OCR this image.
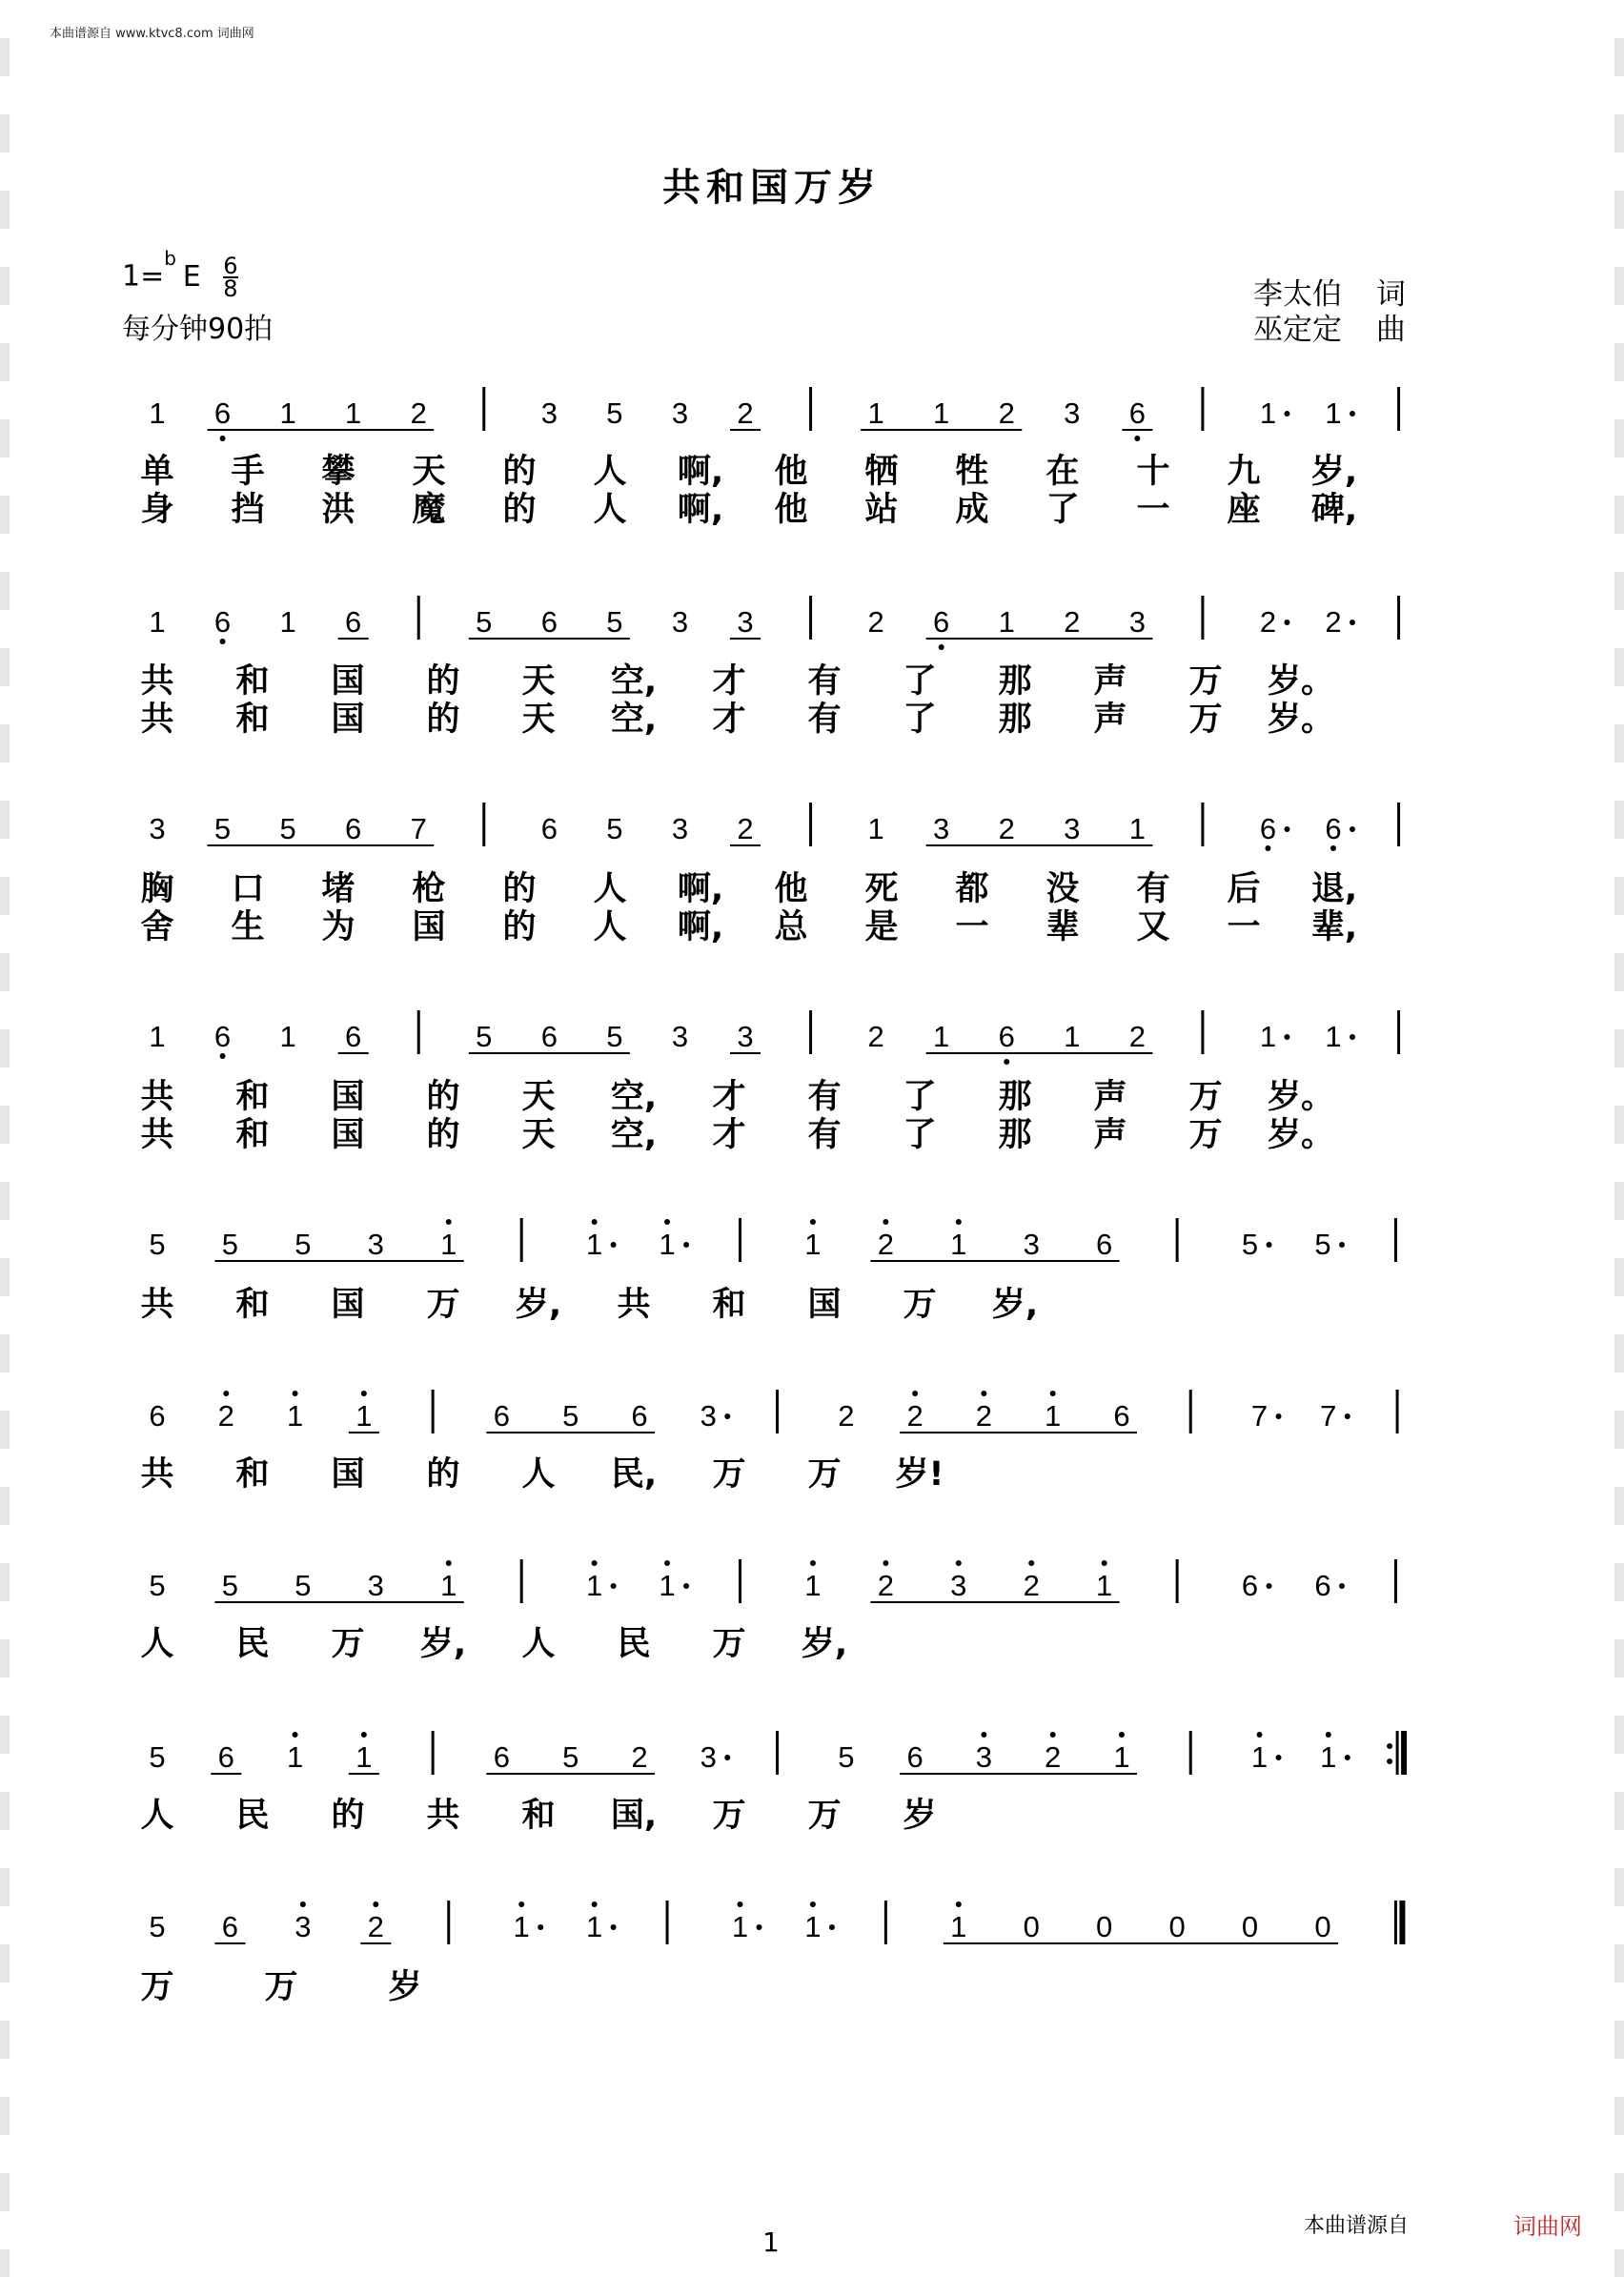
本曲谱源自 www.ktvc8.com 词曲网
共和国万岁
1=
b
E $\frac{6}{8}$
每分钟90拍
李太伯 词
巫定定 曲
1 6 1 1 2	3 5 3 2	1 1 2 3 6	1 1
单 手 攀 天 的 人 啊, 他 牺 牲 在 十 九 岁,
身 挡 洪 魔 的 人 啊, 他 站 成 了 一 座 碑,
1 6 1 6	5 6 5 3 3	2 6 1 2 3	2 2
共 和 国 的 天 空, 才 有 了 那 声 万 岁。
共 和 国 的 天 空, 才 有 了 那 声 万 岁。
3 5 5 6 7	6 5 3 2	1 3 2 3 1	6 6
胸 口 堵 枪 的 人 啊, 他 死 都 没 有 后 退,
舍 生 为 国 的 人 啊, 总 是 一 辈 又 一 辈,
1 6 1 6	5 6 5 3 3	2 1 6 1 2	1 1
共 和 国 的 天 空, 才 有 了 那 声 万 岁。
共 和 国 的 天 空, 才 有 了 那 声 万 岁。
5 5 5 3 1	1 1	1 2 1 3 6	5 5
共 和 国 万 岁, 共 和 国 万 岁,
6 2 1 1	6 5 6 3	2 2 2 1 6	7 7
共 和 国 的 人 民, 万 万 岁!
5 5 5 3 1	1 1	1 2 3 2 1	6 6
人 民 万 岁, 人 民 万 岁,
5 6 1 1	6 5 2 3	5 6 3 2 1	1 1
人 民 的 共 和 国, 万 万 岁
5 6 3 2	1 1	1 1	1 0 0 0 0 0
万	万	岁
1
本曲谱源自	词曲网
